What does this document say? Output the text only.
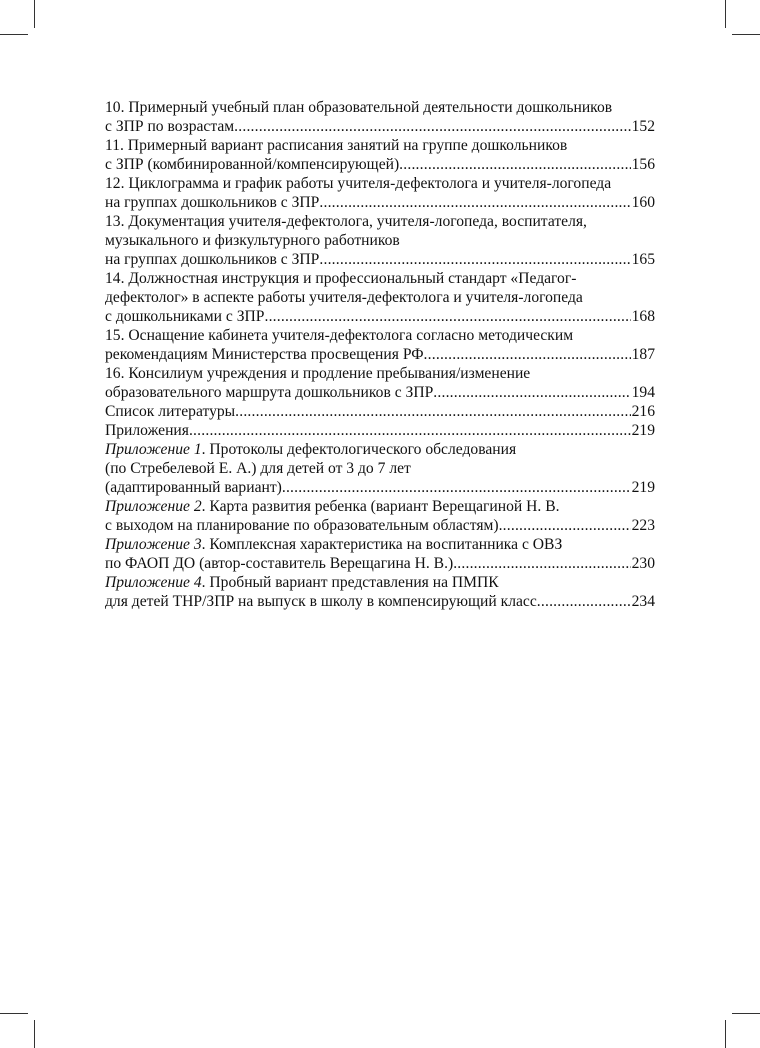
10. Примерный учебный план образовательной деятельности дошкольников
с ЗПР по возрастам .....	152
11. Примерный вариант расписания занятий на группе дошкольников
с ЗПР (комбинированной/компенсирующей) .....	156
12. Циклограмма и график работы учителя-дефектолога и учителя-логопеда
на группах дошкольников с ЗПР .....	160
13. Документация учителя-дефектолога, учителя-логопеда, воспитателя,
музыкального и физкультурного работников
на группах дошкольников с ЗПР .....	165
14. Должностная инструкция и профессиональный стандарт «Педагог-
дефектолог» в аспекте работы учителя-дефектолога и учителя-логопеда
с дошкольниками с ЗПР .....	168
15. Оснащение кабинета учителя-дефектолога согласно методическим
рекомендациям Министерства просвещения РФ .....	187
16. Консилиум учреждения и продление пребывания/изменение
образовательного маршрута дошкольников с ЗПР .....	194
Список литературы .....	216
Приложения .....	219
Приложение 1. Протоколы дефектологического обследования
(по Стребелевой Е. А.) для детей от 3 до 7 лет
(адаптированный вариант) .....	219
Приложение 2. Карта развития ребенка (вариант Верещагиной Н. В.
с выходом на планирование по образовательным областям) .....	223
Приложение 3. Комплексная характеристика на воспитанника с ОВЗ
по ФАОП ДО (автор-составитель Верещагина Н. В.) .....	230
Приложение 4. Пробный вариант представления на ПМПК
для детей ТНР/ЗПР на выпуск в школу в компенсирующий класс .....	234
